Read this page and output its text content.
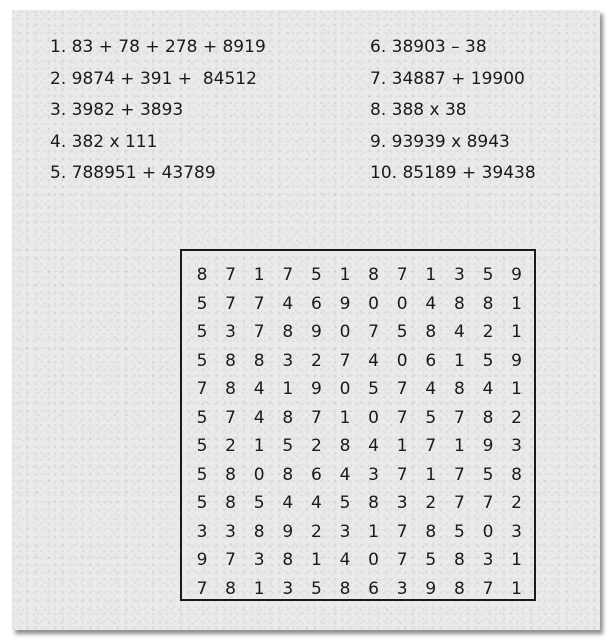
1. 83 + 78 + 278 + 8919
2. 9874 + 391 +  84512
3. 3982 + 3893
4. 382 x 111
5. 788951 + 43789
6. 38903 – 38
7. 34887 + 19900
8. 388 x 38
9. 93939 x 8943
10. 85189 + 39438
8	7	1	7	5	1	8	7	1	3	5	9
5	7	7	4	6	9	0	0	4	8	8	1
5	3	7	8	9	0	7	5	8	4	2	1
5	8	8	3	2	7	4	0	6	1	5	9
7	8	4	1	9	0	5	7	4	8	4	1
5	7	4	8	7	1	0	7	5	7	8	2
5	2	1	5	2	8	4	1	7	1	9	3
5	8	0	8	6	4	3	7	1	7	5	8
5	8	5	4	4	5	8	3	2	7	7	2
3	3	8	9	2	3	1	7	8	5	0	3
9	7	3	8	1	4	0	7	5	8	3	1
7	8	1	3	5	8	6	3	9	8	7	1
